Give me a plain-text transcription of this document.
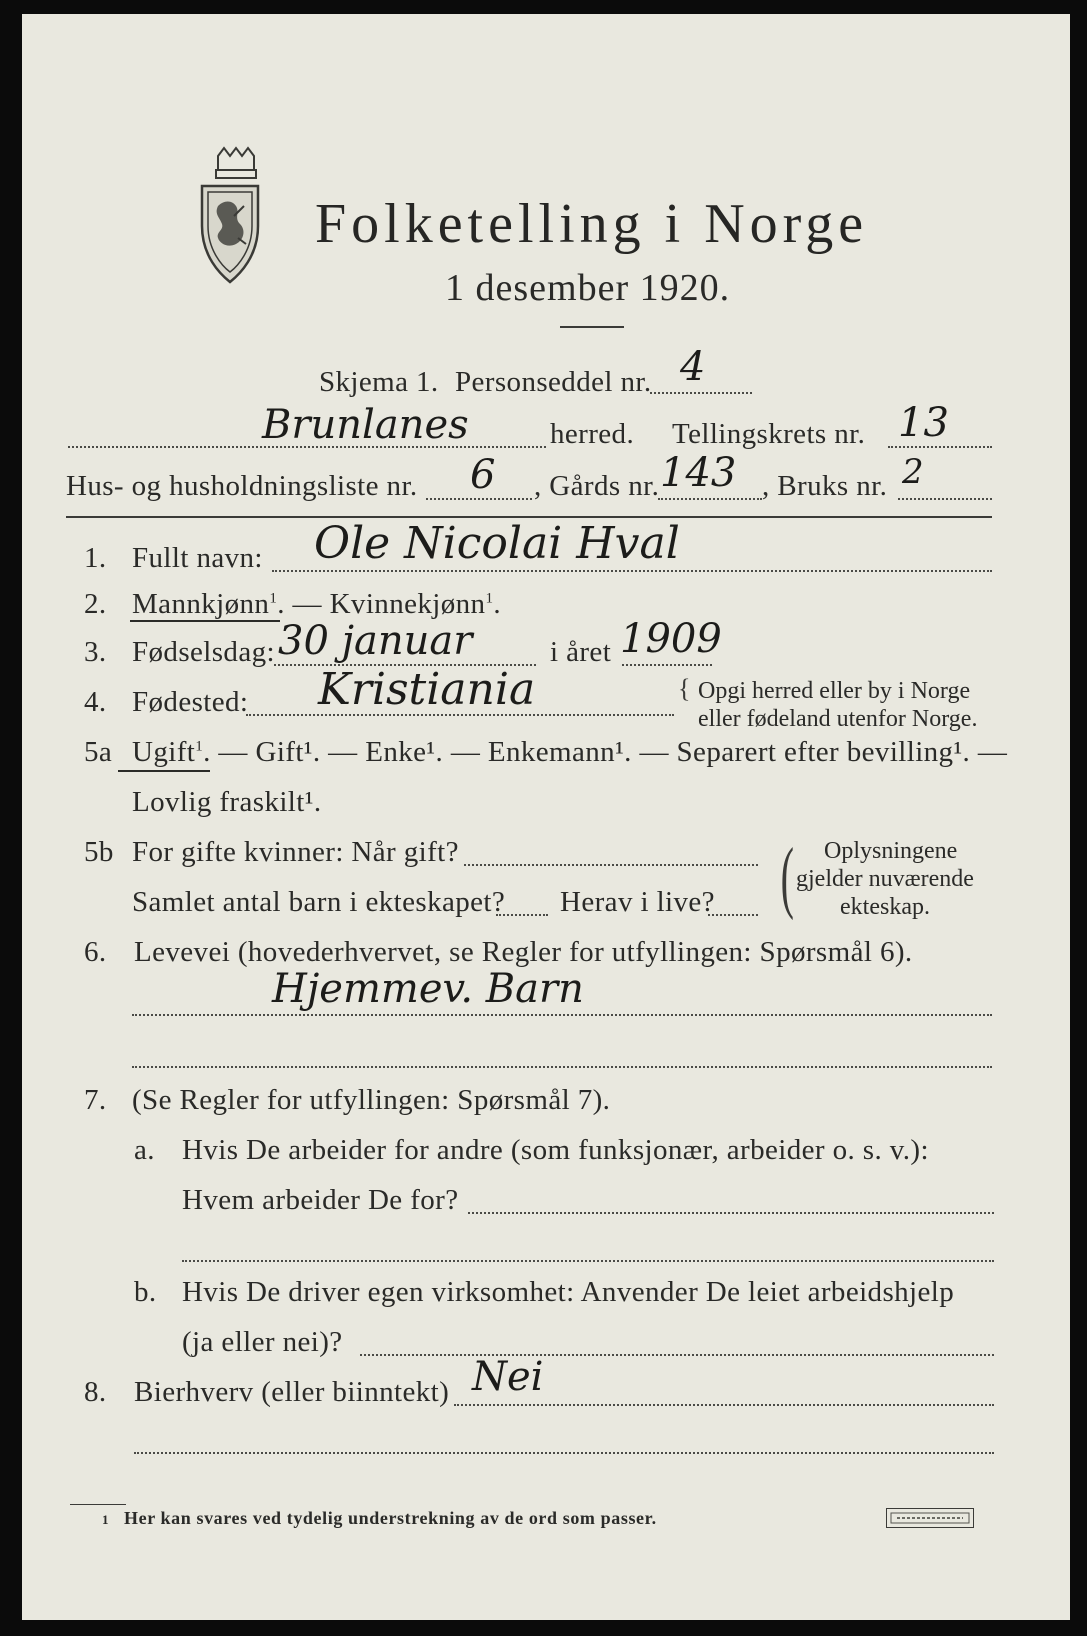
Folketelling i Norge
1 desember 1920.
Skjema 1. Personseddel nr. 4
Brunlanes	herred. Tellingskrets nr. 13
Hus- og husholdningsliste nr. 6 , Gårds nr. 143 , Bruks nr. 2
1. Fullt navn: Ole Nicolai Hval
2. Mannkjønn$^1$. — Kvinnekjønn$^1$.
3. Fødselsdag: 30 januar	i året 1909
4. Fødested: Kristiania	{ Opgi herred eller by i Norge
eller fødeland utenfor Norge.
5a Ugift$^1$. — Gift¹. — Enke¹. — Enkemann¹. — Separert efter bevilling¹. —
Lovlig fraskilt¹.
5b For gifte kvinner: Når gift?
Samlet antal barn i ekteskapet? Herav i live? ( Oplysningene
gjelder nuværende
ekteskap.
6. Levevei (hovederhvervet, se Regler for utfyllingen: Spørsmål 6).
Hjemmev. Barn
7. (Se Regler for utfyllingen: Spørsmål 7).
a. Hvis De arbeider for andre (som funksjonær, arbeider o. s. v.):
Hvem arbeider De for?
b. Hvis De driver egen virksomhet: Anvender De leiet arbeidshjelp
(ja eller nei)?
8. Bierhverv (eller biinntekt) Nei
1 Her kan svares ved tydelig understrekning av de ord som passer.
